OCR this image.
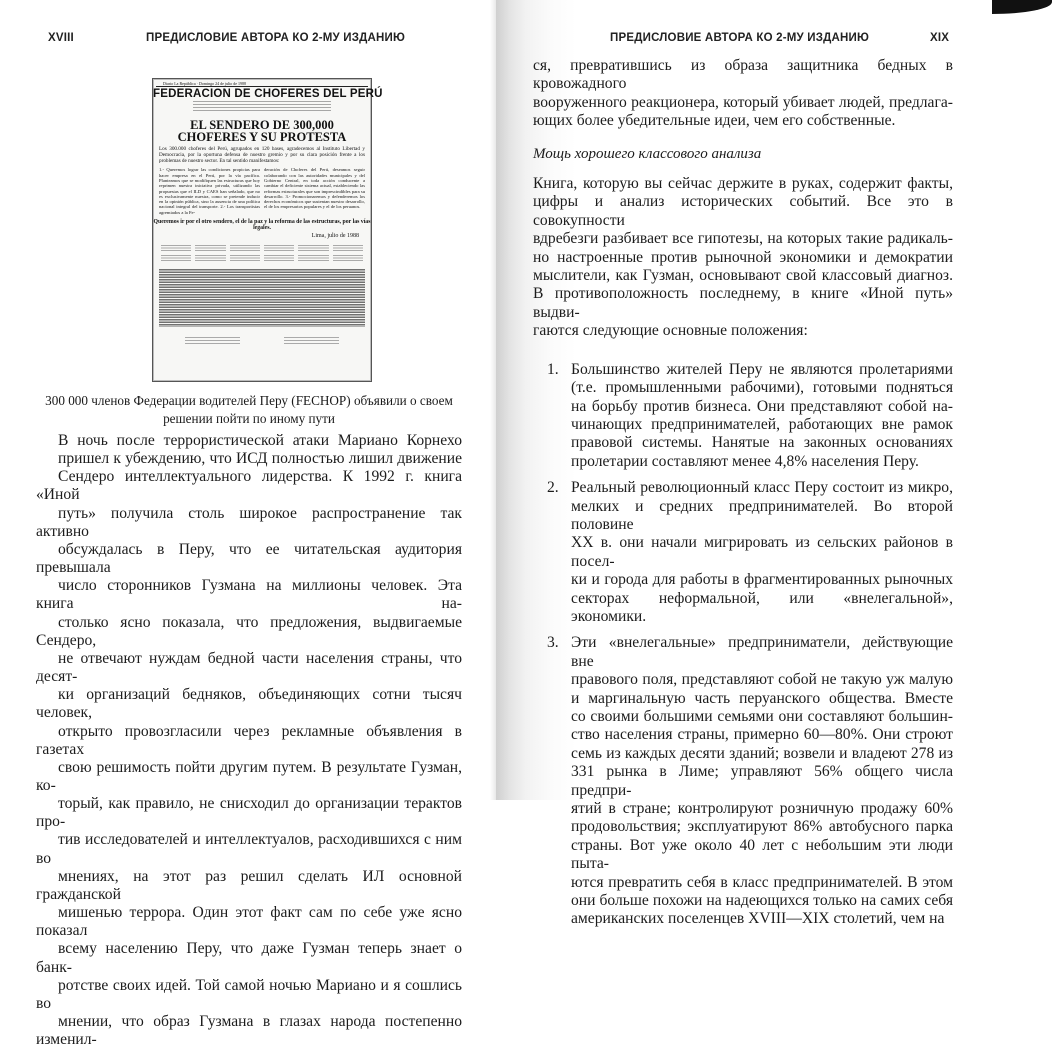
XVIII	ПРЕДИСЛОВИЕ АВТОРА КО 2-МУ ИЗДАНИЮ
Diario La República · Domingo 24 de julio de 1988
FEDERACION DE CHOFERES DEL PERÚ
EL SENDERO DE 300,000
CHOFERES Y SU PROTESTA
Los 300.000 choferes del Perú, agrupados en 120 bases, agradecemos al Instituto Libertad y Democracia, por la oportuna defensa de nuestro gremio y por su clara posición frente a los problemas de nuestro sector. En tal sentido manifestamos:
1.- Queremos lograr las condiciones propicias para hacer empresa en el Perú, por la vía pacífica. Planteamos que se modifiquen las estructuras que hoy reprimen nuestra iniciativa privada, utilizando las propuestas que el ILD y CAES han señalado, que no es exclusivamente nuestra, como se pretende inducir en la opinión pública, sino la ausencia de una política nacional integral del transporte. 2.- Los transportistas agremiados a la Fe-
deración de Choferes del Perú, deseamos seguir colaborando con las autoridades municipales y del Gobierno Central, en toda acción conducente a cambiar el deficiente sistema actual, estableciendo las reformas estructurales que son imprescindibles para su desarrollo. 3.- Promocionaremos y defenderemos los derechos económicos que sustentan nuestro desarrollo, el de los empresarios populares y el de los peruanos.
Queremos ir por el otro sendero, el de la paz y la reforma de las estructuras, por las vías legales.
Lima, julio de 1988
300 000 членов Федерации водителей Перу (FECHOP) объявили о своем решении пойти по иному пути

В ночь после террористической атаки Мариано Корнехо
пришел к убеждению, что ИСД полностью лишил движение
Сендеро интеллектуального лидерства. К 1992 г. книга «Иной
путь» получила столь широкое распространение так активно
обсуждалась в Перу, что ее читательская аудитория превышала
число сторонников Гузмана на миллионы человек. Эта книга на-
столько ясно показала, что предложения, выдвигаемые Сендеро,
не отвечают нуждам бедной части населения страны, что десят-
ки организаций бедняков, объединяющих сотни тысяч человек,
открыто провозгласили через рекламные объявления в газетах
свою решимость пойти другим путем. В результате Гузман, ко-
торый, как правило, не снисходил до организации терактов про-
тив исследователей и интеллектуалов, расходившихся с ним во
мнениях, на этот раз решил сделать ИЛ основной гражданской
мишенью террора. Один этот факт сам по себе уже ясно показал
всему населению Перу, что даже Гузман теперь знает о банк-
ротстве своих идей. Той самой ночью Мариано и я сошлись во
мнении, что образ Гузмана в глазах народа постепенно изменил-

ПРЕДИСЛОВИЕ АВТОРА КО 2-МУ ИЗДАНИЮ	XIX

ся, превратившись из образа защитника бедных в кровожадного
вооруженного реакционера, который убивает людей, предлага-
ющих более убедительные идеи, чем его собственные.

Мощь хорошего классового анализа

Книга, которую вы сейчас держите в руках, содержит факты,
цифры и анализ исторических событий. Все это в совокупности
вдребезги разбивает все гипотезы, на которых такие радикаль-
но настроенные против рыночной экономики и демократии
мыслители, как Гузман, основывают свой классовый диагноз.
В противоположность последнему, в книге «Иной путь» выдви-
гаются следующие основные положения:

1. Большинство жителей Перу не являются пролетариями
(т.е. промышленными рабочими), готовыми подняться
на борьбу против бизнеса. Они представляют собой на-
чинающих предпринимателей, работающих вне рамок
правовой системы. Нанятые на законных основаниях
пролетарии составляют менее 4,8% населения Перу.
2. Реальный революционный класс Перу состоит из микро,
мелких и средних предпринимателей. Во второй половине
XX в. они начали мигрировать из сельских районов в посел-
ки и города для работы в фрагментированных рыночных
секторах неформальной, или «внелегальной», экономики.
3. Эти «внелегальные» предприниматели, действующие вне
правового поля, представляют собой не такую уж малую
и маргинальную часть перуанского общества. Вместе
со своими большими семьями они составляют большин-
ство населения страны, примерно 60—80%. Они строют
семь из каждых десяти зданий; возвели и владеют 278 из
331 рынка в Лиме; управляют 56% общего числа предпри-
ятий в стране; контролируют розничную продажу 60%
продовольствия; эксплуатируют 86% автобусного парка
страны. Вот уже около 40 лет с небольшим эти люди пыта-
ются превратить себя в класс предпринимателей. В этом
они больше похожи на надеющихся только на самих себя
американских поселенцев XVIII—XIX столетий, чем на
